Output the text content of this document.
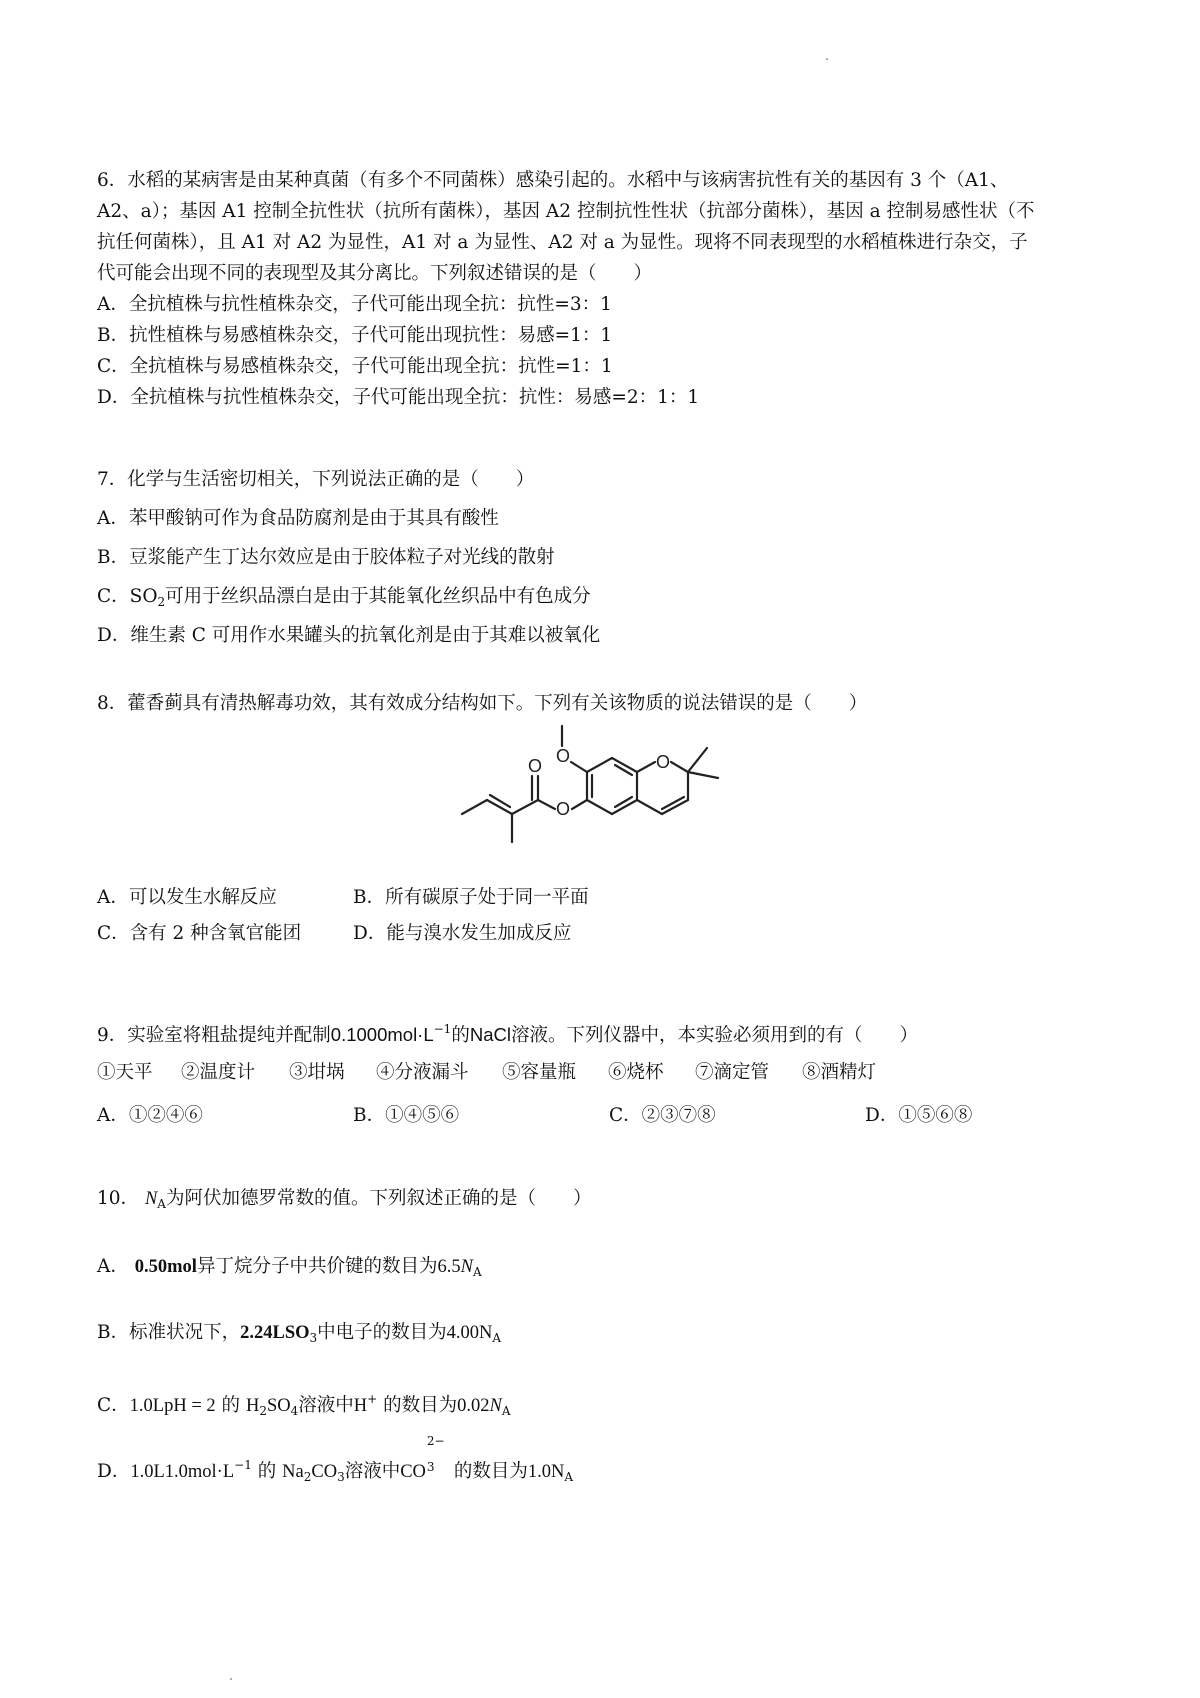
6．水稻的某病害是由某种真菌（有多个不同菌株）感染引起的。水稻中与该病害抗性有关的基因有 3 个（A1、
A2、a）；基因 A1 控制全抗性状（抗所有菌株），基因 A2 控制抗性性状（抗部分菌株），基因 a 控制易感性状（不
抗任何菌株），且 A1 对 A2 为显性，A1 对 a 为显性、A2 对 a 为显性。现将不同表现型的水稻植株进行杂交，子
代可能会出现不同的表现型及其分离比。下列叙述错误的是（　　）
A．全抗植株与抗性植株杂交，子代可能出现全抗：抗性=3：1
B．抗性植株与易感植株杂交，子代可能出现抗性：易感=1：1
C．全抗植株与易感植株杂交，子代可能出现全抗：抗性=1：1
D．全抗植株与抗性植株杂交，子代可能出现全抗：抗性：易感=2：1：1
7．化学与生活密切相关，下列说法正确的是（　　）
A．苯甲酸钠可作为食品防腐剂是由于其具有酸性
B．豆浆能产生丁达尔效应是由于胶体粒子对光线的散射
C．$SO_2$可用于丝织品漂白是由于其能氧化丝织品中有色成分
D．维生素 C 可用作水果罐头的抗氧化剂是由于其难以被氧化
8．藿香蓟具有清热解毒功效，其有效成分结构如下。下列有关该物质的说法错误的是（　　）
O	O
O
O
A．可以发生水解反应	B．所有碳原子处于同一平面
C．含有 2 种含氧官能团	D．能与溴水发生加成反应
9．实验室将粗盐提纯并配制$0.1000mol\cdot L^{-1}$的NaCl溶液。下列仪器中，本实验必须用到的有（　　）
①天平 ②温度计 ③坩埚 ④分液漏斗 ⑤容量瓶 ⑥烧杯 ⑦滴定管 ⑧酒精灯
A．①②④⑥	B．①④⑤⑥	C．②③⑦⑧	D．①⑤⑥⑧
10． $N_A$为阿伏加德罗常数的值。下列叙述正确的是（　　）
A． 0.50mol异丁烷分子中共价键的数目为$6.5N_A$
B．标准状况下，$2.24LSO_3$中电子的数目为$4.00N_A$
C．1.0LpH = 2 的 $H_2SO_4$溶液中H+ 的数目为$0.02N_A$
D．$1.0L1.0mol\cdot L^{-1}$ 的 $Na_2CO_3$溶液中CO
2−
3 的数目为$1.0N_A$
